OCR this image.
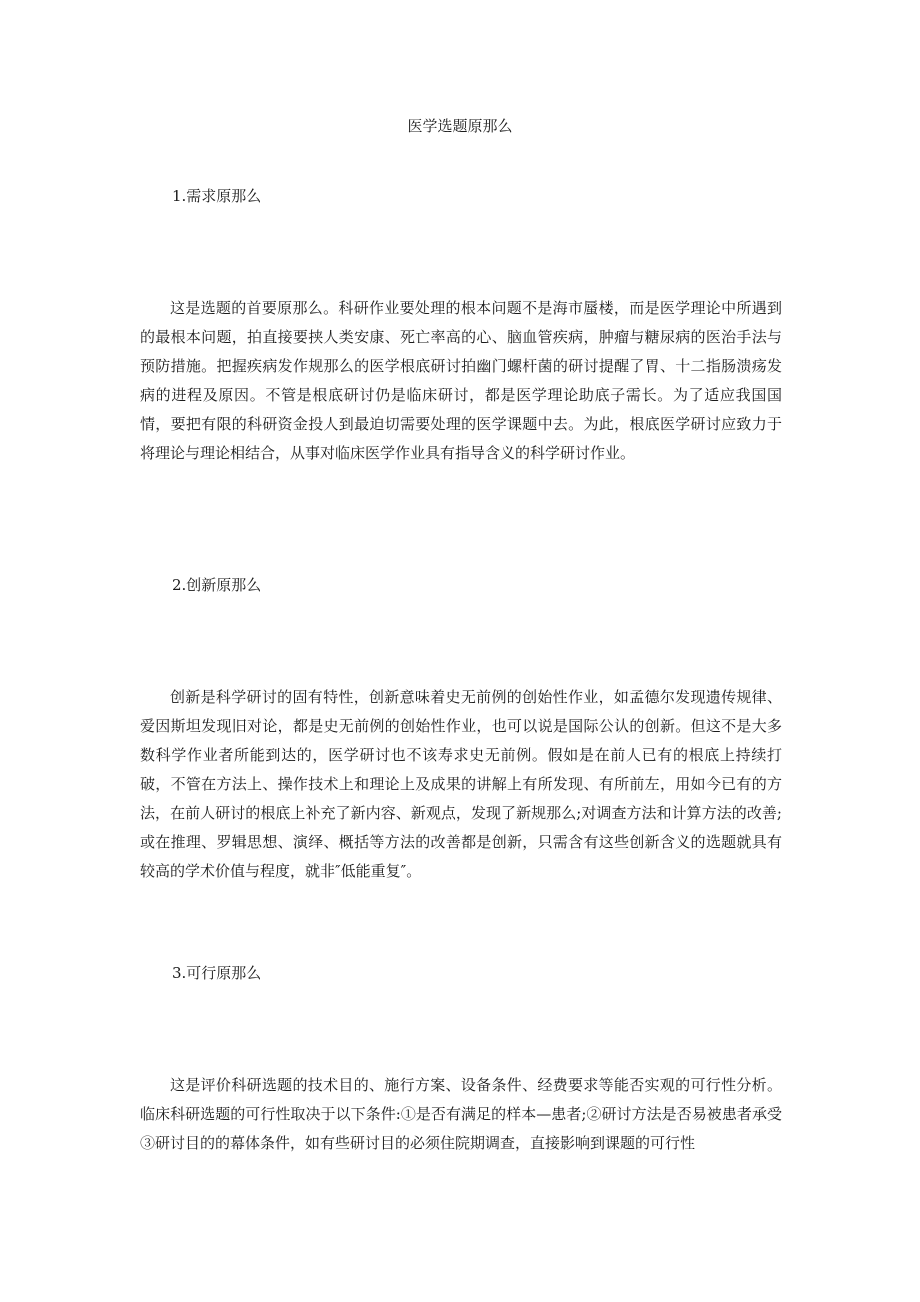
医学选题原那么
1.需求原那么

这是选题的首要原那么。科研作业要处理的根本问题不是海市蜃楼，而是医学理论中所遇到的最根本问题，拍直接要挟人类安康、死亡率高的心、脑血管疾病，肿瘤与糖尿病的医治手法与预防措施。把握疾病发作规那么的医学根底研讨拍幽门螺杆菌的研讨提醒了胃、十二指肠溃疡发病的进程及原因。不管是根底研讨仍是临床研讨，都是医学理论助底子需长。为了适应我国国情，要把有限的科研资金投人到最迫切需要处理的医学课题中去。为此，根底医学研讨应致力于将理论与理论相结合，从事对临床医学作业具有指导含义的科学研讨作业。

2.创新原那么

创新是科学研讨的固有特性，创新意味着史无前例的创始性作业，如孟德尔发现遗传规律、爱因斯坦发现旧对论，都是史无前例的创始性作业，也可以说是国际公认的创新。但这不是大多数科学作业者所能到达的，医学研讨也不该寿求史无前例。假如是在前人已有的根底上持续打破，不管在方法上、操作技术上和理论上及成果的讲解上有所发现、有所前左，用如今已有的方法，在前人研讨的根底上补充了新内容、新观点，发现了新规那么;对调查方法和计算方法的改善;或在推理、罗辑思想、演绎、概括等方法的改善都是创新，只需含有这些创新含义的选题就具有较高的学术价值与程度，就非″低能重复″。

3.可行原那么

这是评价科研选题的技术目的、施行方案、设备条件、经费要求等能否实观的可行性分析。临床科研选题的可行性取决于以下条件:①是否有满足的样本—患者;②研讨方法是否易被患者承受③研讨目的的幕体条件，如有些研讨目的必须住院期调查，直接影响到课题的可行性
